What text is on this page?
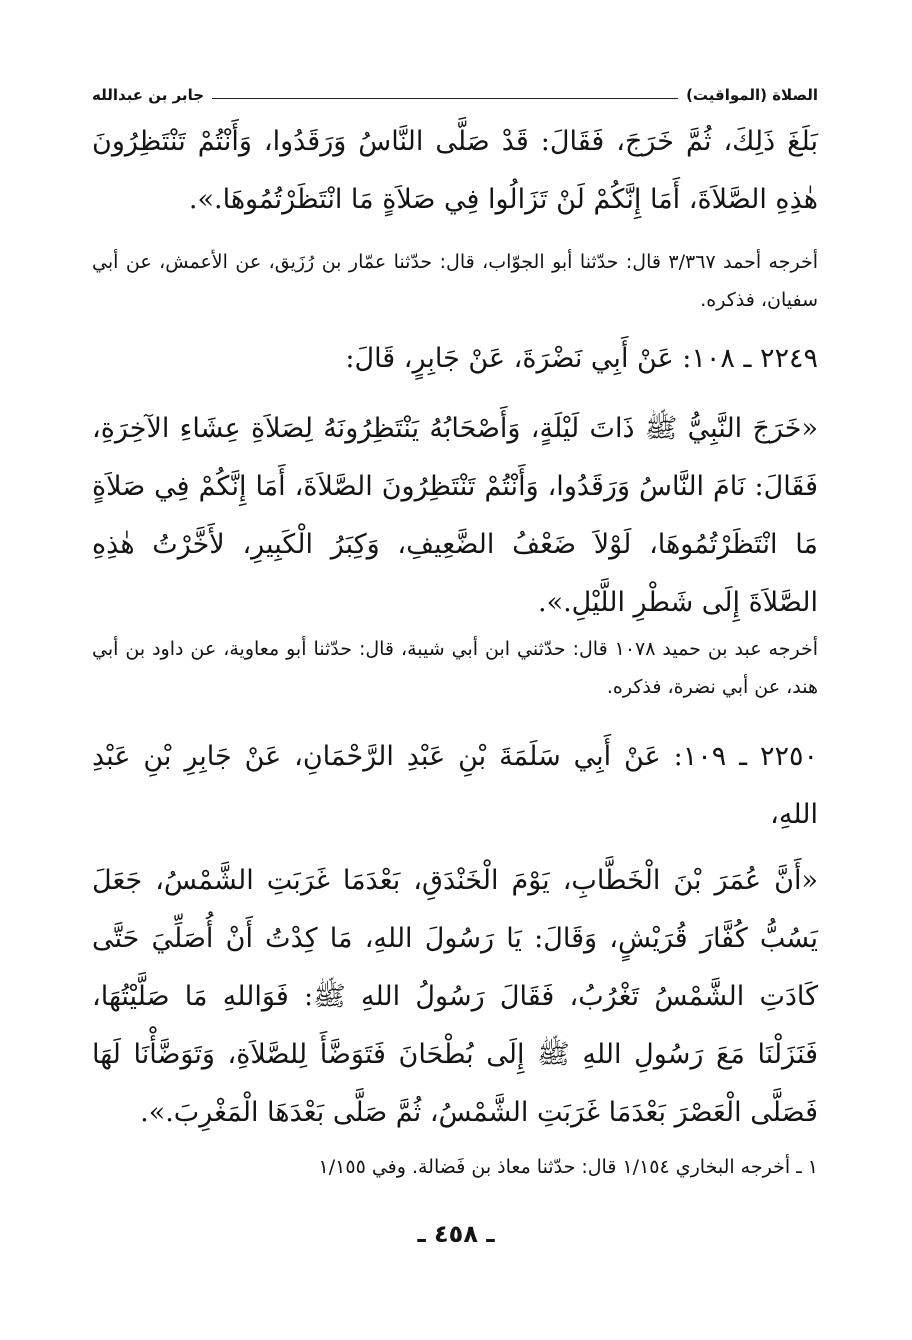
الصلاة (المواقيت)
جابر بن عبدالله
بَلَغَ ذَلِكَ، ثُمَّ خَرَجَ، فَقَالَ: قَدْ صَلَّى النَّاسُ وَرَقَدُوا، وَأَنْتُمْ تَنْتَظِرُونَ هٰذِهِ الصَّلاَةَ، أَمَا إِنَّكُمْ لَنْ تَزَالُوا فِي صَلاَةٍ مَا انْتَظَرْتُمُوهَا.».
أخرجه أحمد ٣/٣٦٧ قال: حدّثنا أبو الجوّاب، قال: حدّثنا عمّار بن رُزَيق، عن الأعمش، عن أبي سفيان، فذكره.
٢٢٤٩ ـ ١٠٨: عَنْ أَبِي نَضْرَةَ، عَنْ جَابِرٍ، قَالَ:
«خَرَجَ النَّبِيُّ ﷺ ذَاتَ لَيْلَةٍ، وَأَصْحَابُهُ يَنْتَظِرُونَهُ لِصَلاَةِ عِشَاءِ الآخِرَةِ، فَقَالَ: نَامَ النَّاسُ وَرَقَدُوا، وَأَنْتُمْ تَنْتَظِرُونَ الصَّلاَةَ، أَمَا إِنَّكُمْ فِي صَلاَةٍ مَا انْتَظَرْتُمُوهَا، لَوْلاَ ضَعْفُ الضَّعِيفِ، وَكِبَرُ الْكَبِيرِ، لأَخَّرْتُ هٰذِهِ الصَّلاَةَ إِلَى شَطْرِ اللَّيْلِ.».
أخرجه عبد بن حميد ١٠٧٨ قال: حدّثني ابن أبي شيبة، قال: حدّثنا أبو معاوية، عن داود بن أبي هند، عن أبي نضرة، فذكره.
٢٢٥٠ ـ ١٠٩: عَنْ أَبِي سَلَمَةَ بْنِ عَبْدِ الرَّحْمَانِ، عَنْ جَابِرِ بْنِ عَبْدِ اللهِ،
«أَنَّ عُمَرَ بْنَ الْخَطَّابِ، يَوْمَ الْخَنْدَقِ، بَعْدَمَا غَرَبَتِ الشَّمْسُ، جَعَلَ يَسُبُّ كُفَّارَ قُرَيْشٍ، وَقَالَ: يَا رَسُولَ اللهِ، مَا كِدْتُ أَنْ أُصَلِّيَ حَتَّى كَادَتِ الشَّمْسُ تَغْرُبُ، فَقَالَ رَسُولُ اللهِ ﷺ: فَوَاللهِ مَا صَلَّيْتُهَا، فَنَزَلْنَا مَعَ رَسُولِ اللهِ ﷺ إِلَى بُطْحَانَ فَتَوَضَّأَ لِلصَّلاَةِ، وَتَوَضَّأْنَا لَهَا فَصَلَّى الْعَصْرَ بَعْدَمَا غَرَبَتِ الشَّمْسُ، ثُمَّ صَلَّى بَعْدَهَا الْمَغْرِبَ.».
١ ـ أخرجه البخاري ١/١٥٤ قال: حدّثنا معاذ بن فَضالة. وفي ١/١٥٥
ـ ٤٥٨ ـ
